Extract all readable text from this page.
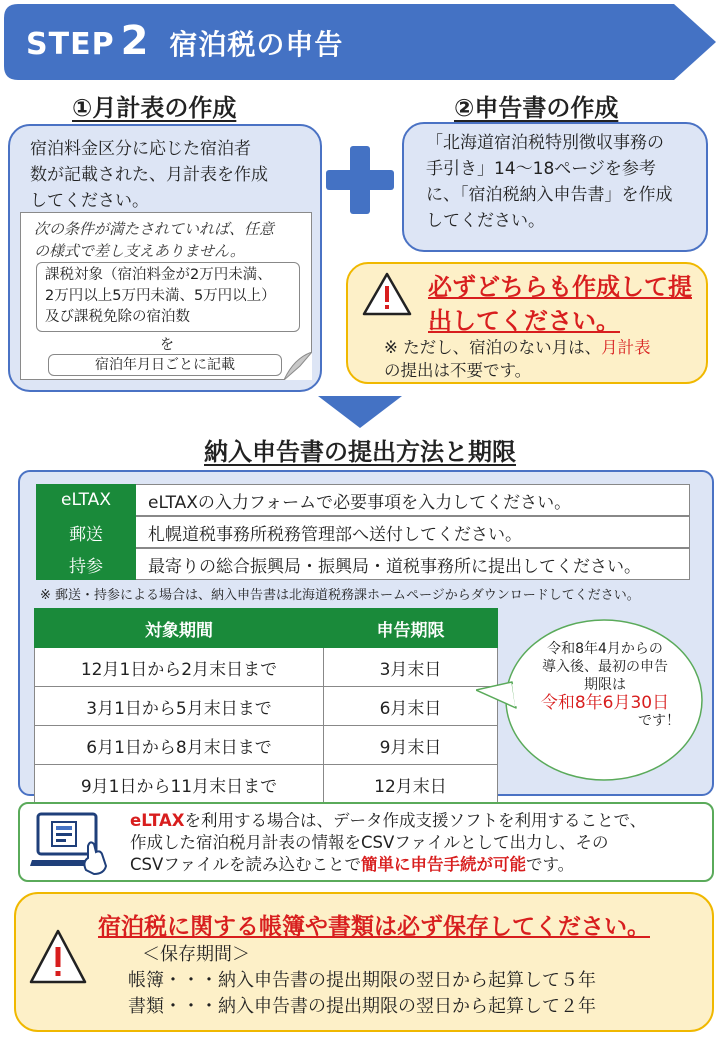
STEP 2 宿泊税の申告
①月計表の作成	②申告書の作成
宿泊料金区分に応じた宿泊者
数が記載された、月計表を作成
してください。
次の条件が満たされていれば、任意
の様式で差し支えありません。
課税対象（宿泊料金が2万円未満、
2万円以上5万円未満、5万円以上）
及び課税免除の宿泊数
を
宿泊年月日ごとに記載
「北海道宿泊税特別徴収事務の
手引き」14〜18ページを参考
に、「宿泊税納入申告書」を作成
してください。
必ずどちらも作成して提
出してください。
※ ただし、宿泊のない月は、月計表
の提出は不要です。
納入申告書の提出方法と期限
eLTAX	eLTAXの入力フォームで必要事項を入力してください。
郵送	札幌道税事務所税務管理部へ送付してください。
持参	最寄りの総合振興局・振興局・道税事務所に提出してください。
※ 郵送・持参による場合は、納入申告書は北海道税務課ホームページからダウンロードしてください。
対象期間	申告期限
12月1日から2月末日まで	3月末日
3月1日から5月末日まで	6月末日
6月1日から8月末日まで	9月末日
9月1日から11月末日まで	12月末日
令和8年4月からの
導入後、最初の申告
期限は
令和8年6月30日
です！
eLTAXを利用する場合は、データ作成支援ソフトを利用することで、
作成した宿泊税月計表の情報をCSVファイルとして出力し、その
CSVファイルを読み込むことで簡単に申告手続が可能です。
宿泊税に関する帳簿や書類は必ず保存してください。
＜保存期間＞
帳簿・・・納入申告書の提出期限の翌日から起算して５年
書類・・・納入申告書の提出期限の翌日から起算して２年
